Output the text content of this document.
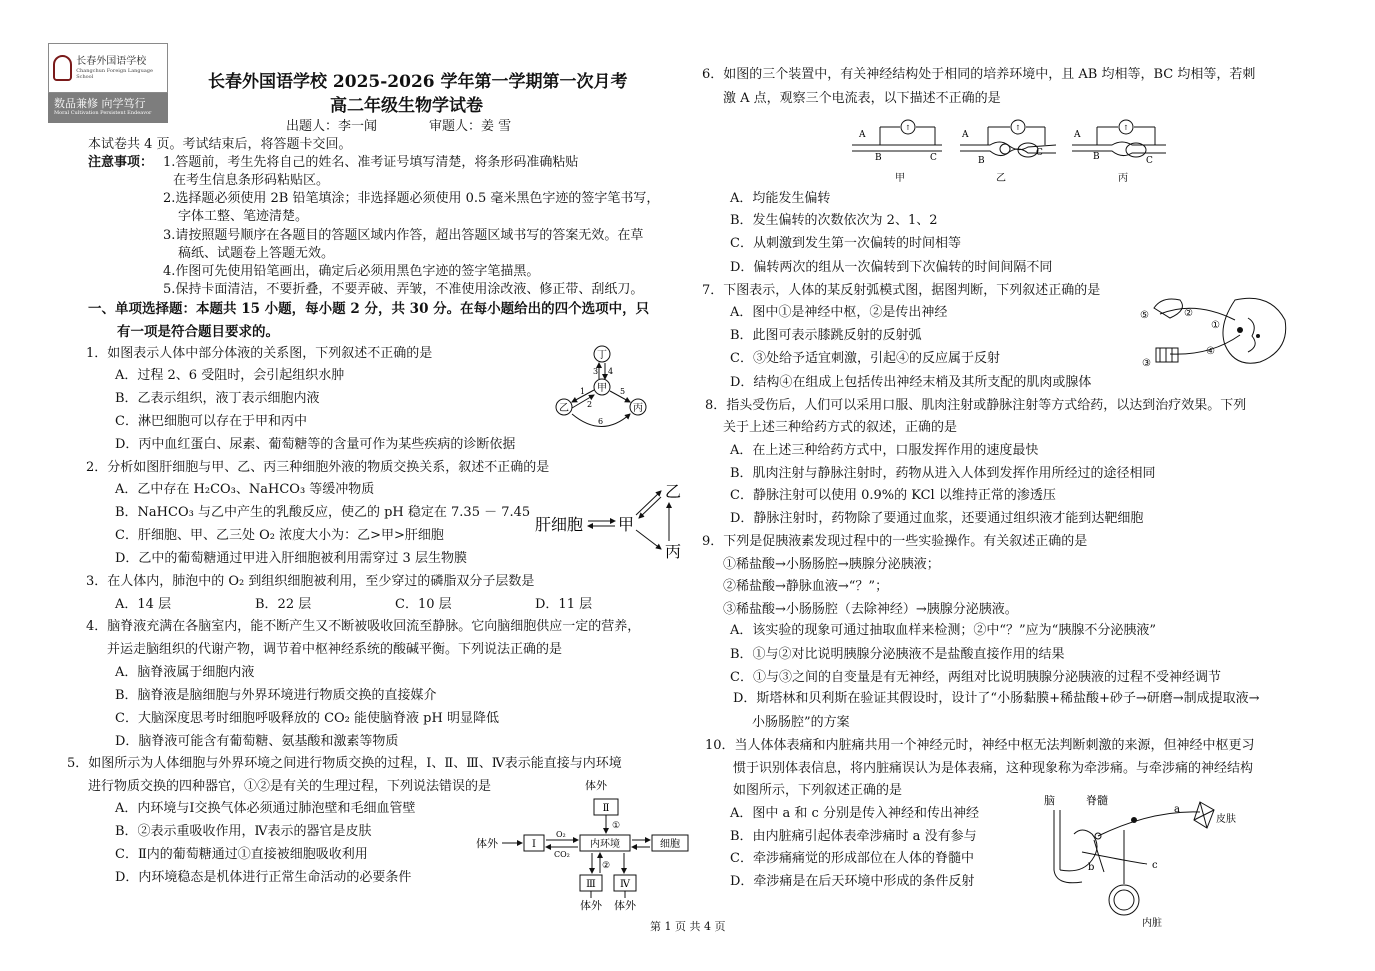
长春外国语学校
Changchun Foreign Language School
数品兼修 向学笃行
Moral Cultivation Persistent Endeavor
长春外国语学校 2025-2026 学年第一学期第一次月考
高二年级生物学试卷
出题人：李一闻　　　　审题人：姜 雪
本试卷共 4 页。考试结束后，将答题卡交回。
注意事项： 1.答题前，考生先将自己的姓名、准考证号填写清楚，将条形码准确粘贴
在考生信息条形码粘贴区。
2.选择题必须使用 2B 铅笔填涂；非选择题必须使用 0.5 毫米黑色字迹的签字笔书写，
字体工整、笔迹清楚。
3.请按照题号顺序在各题目的答题区域内作答，超出答题区域书写的答案无效。在草
稿纸、试题卷上答题无效。
4.作图可先使用铅笔画出，确定后必须用黑色字迹的签字笔描黑。
5.保持卡面清洁，不要折叠，不要弄破、弄皱，不准使用涂改液、修正带、刮纸刀。
一、单项选择题：本题共 15 小题，每小题 2 分，共 30 分。在每小题给出的四个选项中，只
有一项是符合题目要求的。
1．如图表示人体中部分体液的关系图，下列叙述不正确的是
A．过程 2、6 受阻时，会引起组织水肿
B．乙表示组织，液丁表示细胞内液
C．淋巴细胞可以存在于甲和丙中
D．丙中血红蛋白、尿素、葡萄糖等的含量可作为某些疾病的诊断依据
丁
甲
乙	丙
1
2
3 4
5
6
2．分析如图肝细胞与甲、乙、丙三种细胞外液的物质交换关系，叙述不正确的是
A．乙中存在 H₂CO₃、NaHCO₃ 等缓冲物质
B．NaHCO₃ 与乙中产生的乳酸反应，使乙的 pH 稳定在 7.35 － 7.45
C．肝细胞、甲、乙三处 O₂ 浓度大小为：乙>甲>肝细胞
D．乙中的葡萄糖通过甲进入肝细胞被利用需穿过 3 层生物膜
肝细胞 甲
乙
丙
3．在人体内，肺泡中的 O₂ 到组织细胞被利用，至少穿过的磷脂双分子层数是
A．14 层	B．22 层	C．10 层	D．11 层
4．脑脊液充满在各脑室内，能不断产生又不断被吸收回流至静脉。它向脑细胞供应一定的营养，
并运走脑组织的代谢产物，调节着中枢神经系统的酸碱平衡。下列说法正确的是
A．脑脊液属于细胞内液
B．脑脊液是脑细胞与外界环境进行物质交换的直接媒介
C．大脑深度思考时细胞呼吸释放的 CO₂ 能使脑脊液 pH 明显降低
D．脑脊液可能含有葡萄糖、氨基酸和激素等物质
5．如图所示为人体细胞与外界环境之间进行物质交换的过程，Ⅰ、Ⅱ、Ⅲ、Ⅳ表示能直接与内环境
进行物质交换的四种器官，①②是有关的生理过程，下列说法错误的是
A．内环境与Ⅰ交换气体必须通过肺泡壁和毛细血管壁
B．②表示重吸收作用，Ⅳ表示的器官是皮肤
C．Ⅱ内的葡萄糖通过①直接被细胞吸收利用
D．内环境稳态是机体进行正常生命活动的必要条件
体外
Ⅱ
①
内环境
体外	Ⅰ
O₂
CO₂
细胞
②
Ⅲ Ⅳ
体外 体外
6．如图的三个装置中，有关神经结构处于相同的培养环境中，且 AB 均相等，BC 均相等，若刺
激 A 点，观察三个电流表，以下描述不正确的是
↑
A
B	C
甲
↑
A
B
C
乙
↑
A
B	C
丙
A．均能发生偏转
B．发生偏转的次数依次为 2、1、2
C．从刺激到发生第一次偏转的时间相等
D．偏转两次的组从一次偏转到下次偏转的时间间隔不同
7．下图表示，人体的某反射弧模式图，据图判断，下列叙述正确的是
A．图中①是神经中枢，②是传出神经
B．此图可表示膝跳反射的反射弧
C．③处给予适宜刺激，引起④的反应属于反射
D．结构④在组成上包括传出神经末梢及其所支配的肌肉或腺体
⑤	②
①
④
③
8．指头受伤后，人们可以采用口服、肌肉注射或静脉注射等方式给药，以达到治疗效果。下列
关于上述三种给药方式的叙述，正确的是
A．在上述三种给药方式中，口服发挥作用的速度最快
B．肌肉注射与静脉注射时，药物从进入人体到发挥作用所经过的途径相同
C．静脉注射可以使用 0.9%的 KCl 以维持正常的渗透压
D．静脉注射时，药物除了要通过血浆，还要通过组织液才能到达靶细胞
9．下列是促胰液素发现过程中的一些实验操作。有关叙述正确的是
①稀盐酸→小肠肠腔→胰腺分泌胰液；
②稀盐酸→静脉血液→“？”；
③稀盐酸→小肠肠腔（去除神经）→胰腺分泌胰液。
A．该实验的现象可通过抽取血样来检测；②中“？”应为“胰腺不分泌胰液”
B．①与②对比说明胰腺分泌胰液不是盐酸直接作用的结果
C．①与③之间的自变量是有无神经，两组对比说明胰腺分泌胰液的过程不受神经调节
D．斯塔林和贝利斯在验证其假设时，设计了“小肠黏膜+稀盐酸+砂子→研磨→制成提取液→
小肠肠腔”的方案
10．当人体体表痛和内脏痛共用一个神经元时，神经中枢无法判断刺激的来源，但神经中枢更习
惯于识别体表信息，将内脏痛误认为是体表痛，这种现象称为牵涉痛。与牵涉痛的神经结构
如图所示，下列叙述正确的是
A．图中 a 和 c 分别是传入神经和传出神经
B．由内脏痛引起体表牵涉痛时 a 没有参与
C．牵涉痛痛觉的形成部位在人体的脊髓中
D．牵涉痛是在后天环境中形成的条件反射
脑	脊髓
a
b	c
皮肤
内脏
第 1 页 共 4 页
